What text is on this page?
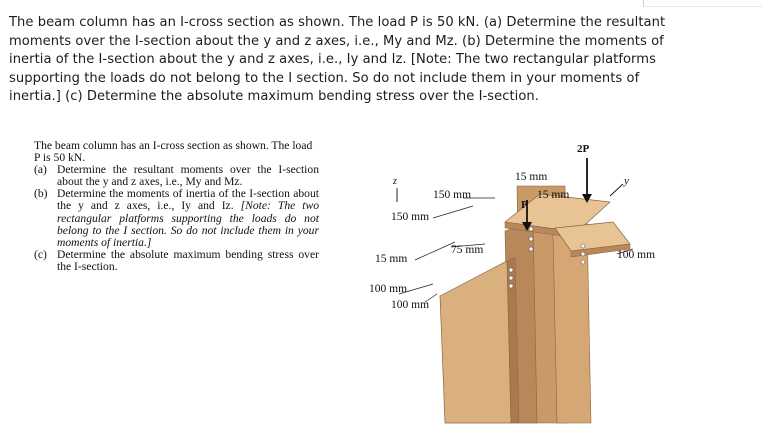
The beam column has an I-cross section as shown. The load P is 50 kN. (a) Determine the resultant moments over the I-section about the y and z axes, i.e., My and Mz. (b) Determine the moments of inertia of the I-section about the y and z axes, i.e., Iy and Iz. [Note: The two rectangular platforms supporting the loads do not belong to the I section. So do not include them in your moments of inertia.] (c) Determine the absolute maximum bending stress over the I-section.

The beam column has an I-cross section as shown. The load P is 50 kN.

(a) Determine the resultant moments over the I-section about the y and z axes, i.e., My and Mz.
(b) Determine the moments of inertia of the I-section about the y and z axes, i.e., Iy and Iz. [Note: The two rectangular platforms supporting the loads do not belong to the I section. So do not include them in your moments of inertia.]
(c) Determine the absolute maximum bending stress over the I-section.
2P
P
z	y
15 mm
15 mm
150 mm
150 mm
15 mm
75 mm	100 mm
100 mm
100 mm
